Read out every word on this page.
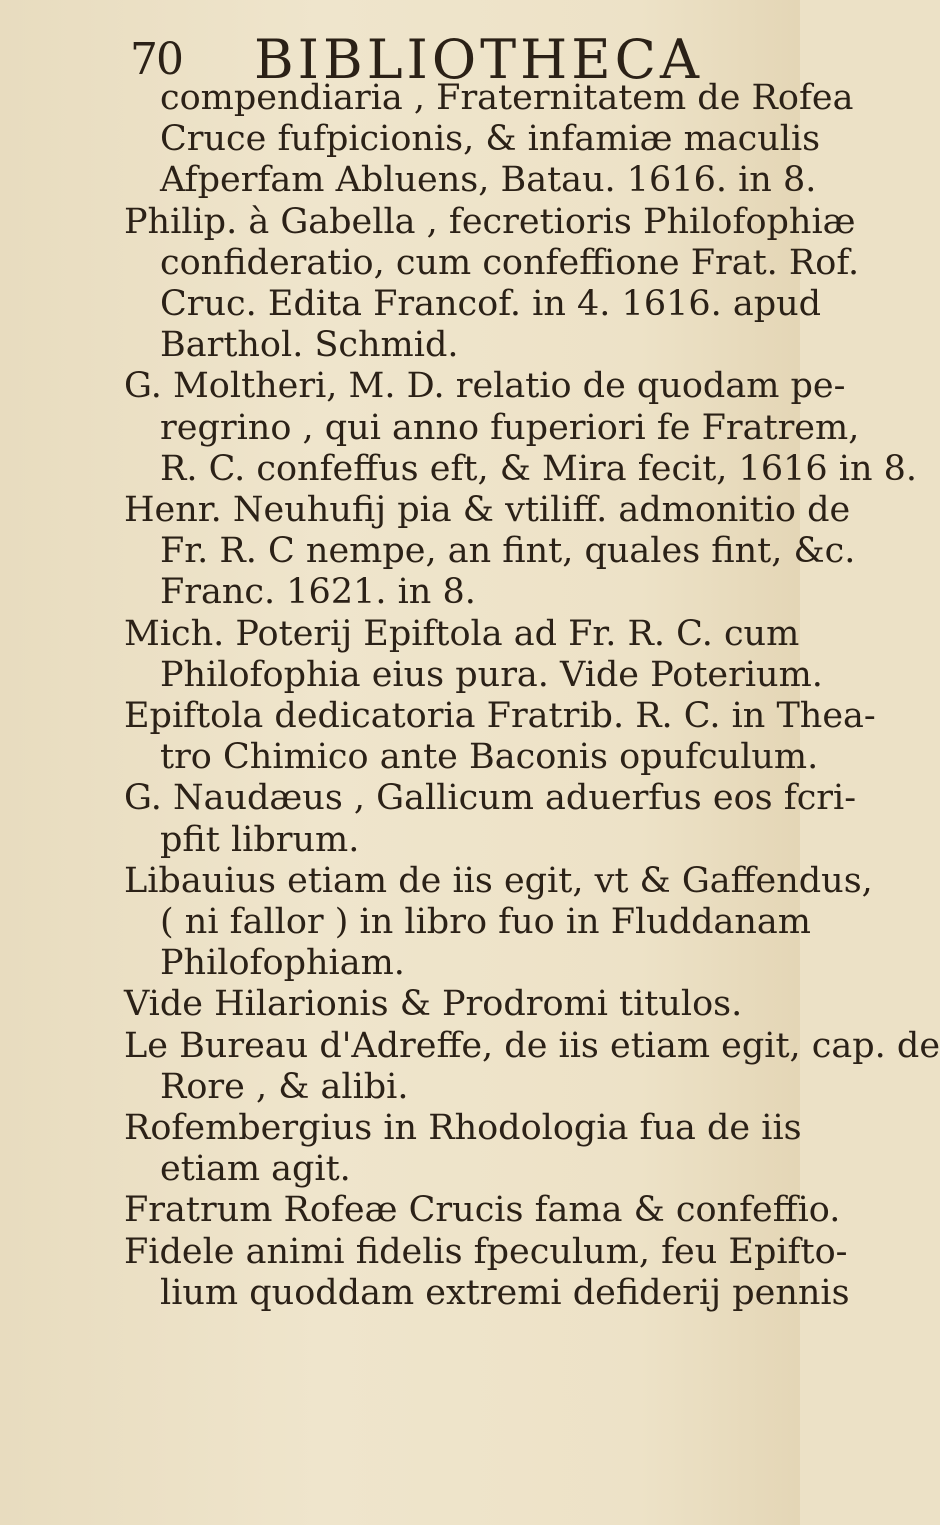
70 BIBLIOTHECA
compendiaria , Fraternitatem de Rofea
Cruce fufpicionis, & infamiæ maculis
Afperfam Abluens, Batau. 1616. in 8.
Philip. à Gabella , fecretioris Philofophiæ
confideratio, cum confeffione Frat. Rof.
Cruc. Edita Francof. in 4. 1616. apud
Barthol. Schmid.
G. Moltheri, M. D. relatio de quodam pe-
regrino , qui anno fuperiori fe Fratrem,
R. C. confeffus eft, & Mira fecit, 1616 in 8.
Henr. Neuhufij pia & vtiliff. admonitio de
Fr. R. C nempe, an fint, quales fint, &c.
Franc. 1621. in 8.
Mich. Poterij Epiftola ad Fr. R. C. cum
Philofophia eius pura. Vide Poterium.
Epiftola dedicatoria Fratrib. R. C. in Thea-
tro Chimico ante Baconis opufculum.
G. Naudæus , Gallicum aduerfus eos fcri-
pfit librum.
Libauius etiam de iis egit, vt & Gaffendus,
( ni fallor ) in libro fuo in Fluddanam
Philofophiam.
Vide Hilarionis & Prodromi titulos.
Le Bureau d'Adreffe, de iis etiam egit, cap. de
Rore , & alibi.
Rofembergius in Rhodologia fua de iis
etiam agit.
Fratrum Rofeæ Crucis fama & confeffio.
Fidele animi fidelis fpeculum, feu Epifto-
lium quoddam extremi defiderij pennis
